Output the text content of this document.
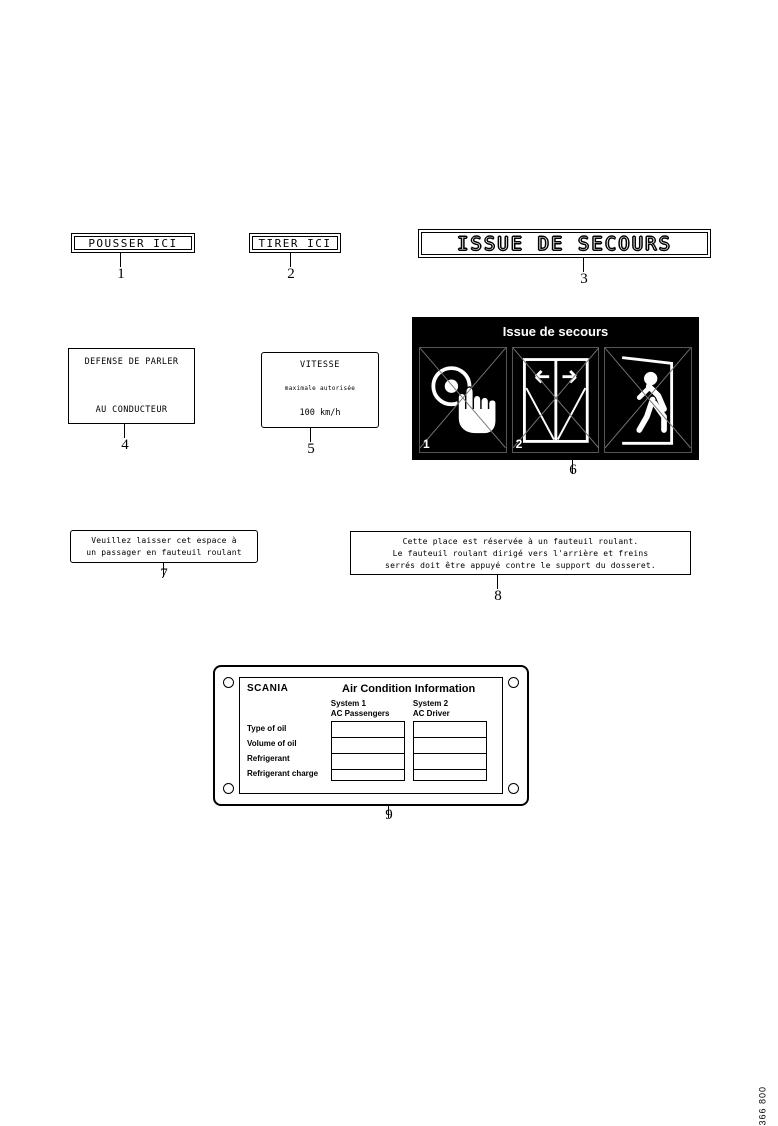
POUSSER ICI
1
TIRER ICI
2
ISSUE DE SECOURS
3
DEFENSE DE PARLER
AU CONDUCTEUR
4
VITESSE
maximale autorisée
100 km/h
5
Issue de secours
1	2
6
Veuillez laisser cet espace à
un passager en fauteuil roulant
7
Cette place est réservée à un fauteuil roulant.
Le fauteuil roulant dirigé vers l'arrière et freins
serrés doit être appuyé contre le support du dosseret.
8
SCANIA	Air Condition Information
Type of oil
Volume of oil
Refrigerant
Refrigerant charge
System 1
AC Passengers
System 2
AC Driver
9
366 800
